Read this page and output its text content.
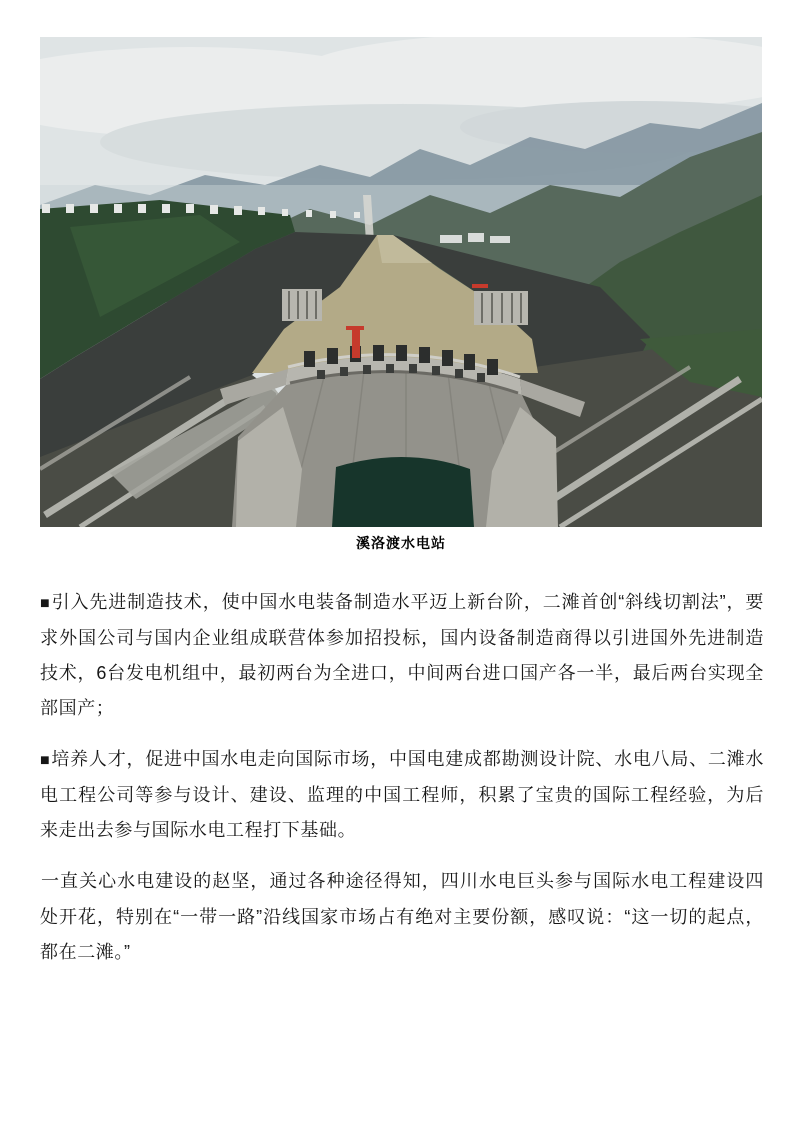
溪洛渡水电站

■引入先进制造技术，使中国水电装备制造水平迈上新台阶，二滩首创“斜线切割法”，要求外国公司与国内企业组成联营体参加招投标，国内设备制造商得以引进国外先进制造技术，6台发电机组中，最初两台为全进口，中间两台进口国产各一半，最后两台实现全部国产；

■培养人才，促进中国水电走向国际市场，中国电建成都勘测设计院、水电八局、二滩水电工程公司等参与设计、建设、监理的中国工程师，积累了宝贵的国际工程经验，为后来走出去参与国际水电工程打下基础。

一直关心水电建设的赵坚，通过各种途径得知，四川水电巨头参与国际水电工程建设四处开花，特别在“一带一路”沿线国家市场占有绝对主要份额，感叹说：“这一切的起点，都在二滩。”
